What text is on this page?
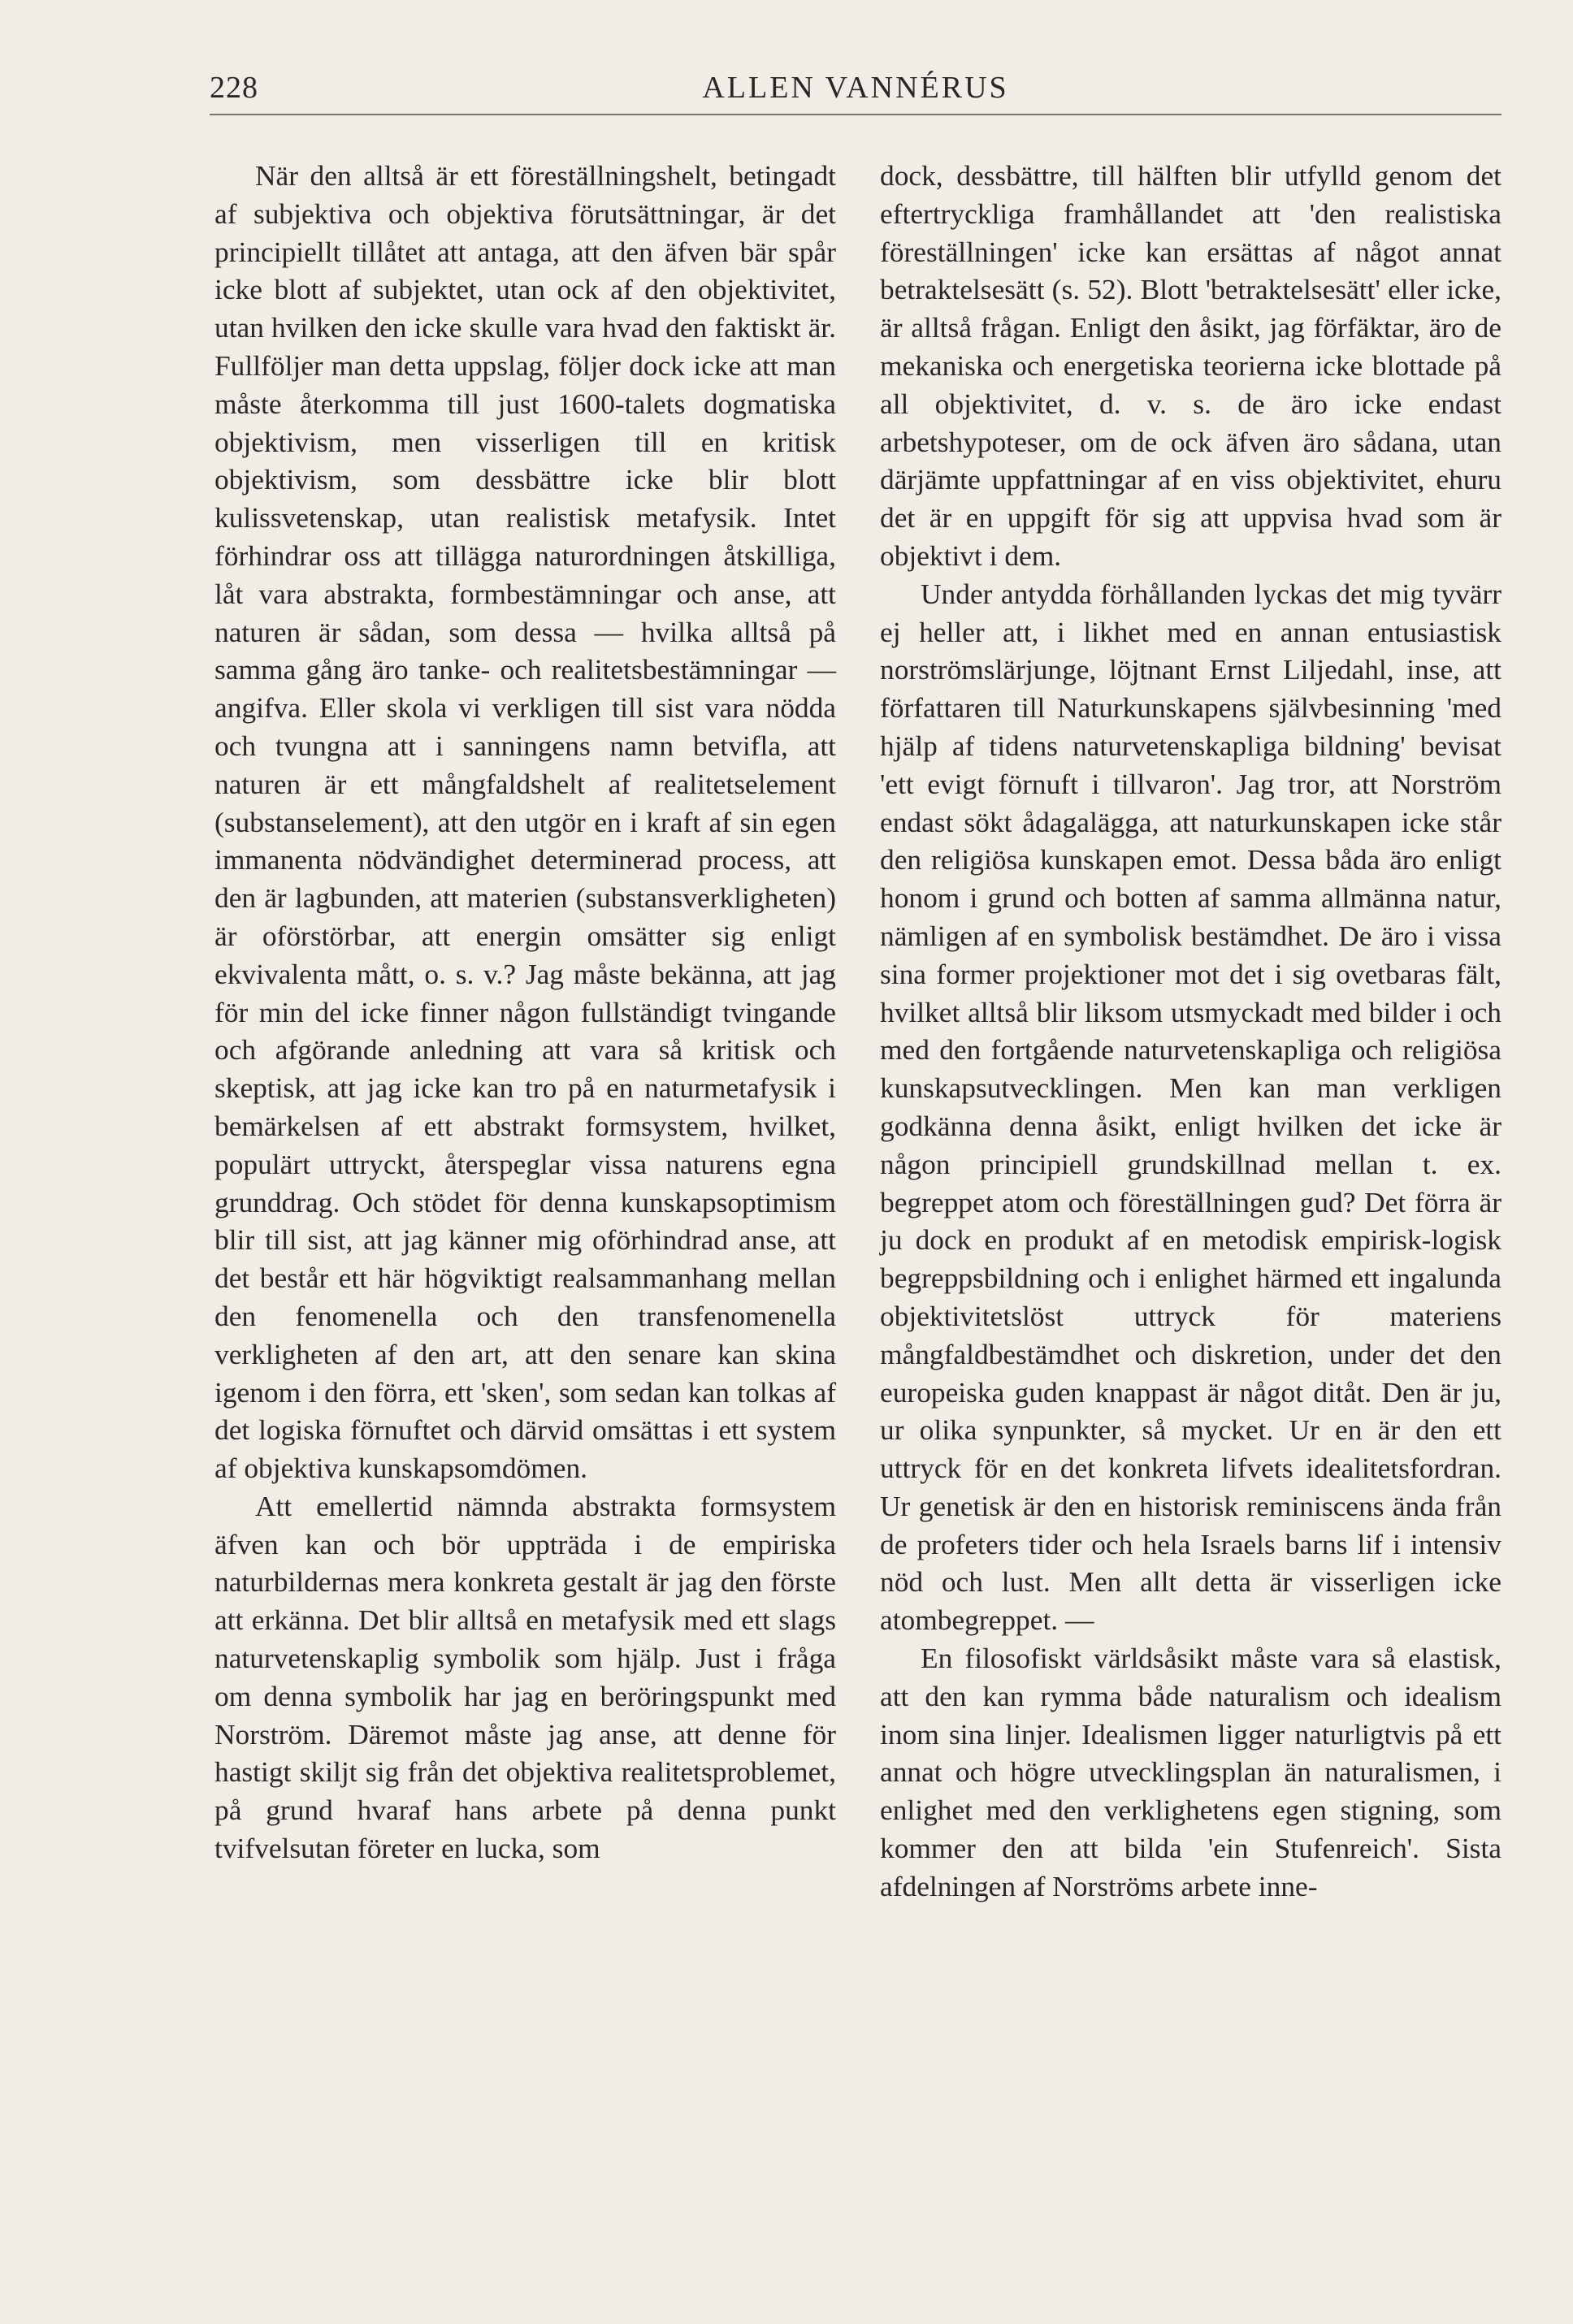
228	ALLEN VANNÉRUS

När den alltså är ett föreställningshelt, betingadt af subjektiva och objektiva förutsättningar, är det principiellt tillåtet att antaga, att den äfven bär spår icke blott af subjektet, utan ock af den objektivitet, utan hvilken den icke skulle vara hvad den faktiskt är. Fullföljer man detta uppslag, följer dock icke att man måste återkomma till just 1600-talets dogmatiska objektivism, men visserligen till en kritisk objektivism, som dessbättre icke blir blott kulissvetenskap, utan realistisk metafysik. Intet förhindrar oss att tillägga naturordningen åtskilliga, låt vara abstrakta, formbestämningar och anse, att naturen är sådan, som dessa — hvilka alltså på samma gång äro tanke- och realitetsbestämningar — angifva. Eller skola vi verkligen till sist vara nödda och tvungna att i sanningens namn betvifla, att naturen är ett mångfaldshelt af realitetselement (substanselement), att den utgör en i kraft af sin egen immanenta nödvändighet determinerad process, att den är lagbunden, att materien (substansverkligheten) är oförstörbar, att energin omsätter sig enligt ekvivalenta mått, o. s. v.? Jag måste bekänna, att jag för min del icke finner någon fullständigt tvingande och afgörande anledning att vara så kritisk och skeptisk, att jag icke kan tro på en naturmetafysik i bemärkelsen af ett abstrakt formsystem, hvilket, populärt uttryckt, återspeglar vissa naturens egna grunddrag. Och stödet för denna kunskapsoptimism blir till sist, att jag känner mig oförhindrad anse, att det består ett här högviktigt realsammanhang mellan den fenomenella och den transfenomenella verkligheten af den art, att den senare kan skina igenom i den förra, ett 'sken', som sedan kan tolkas af det logiska förnuftet och därvid omsättas i ett system af objektiva kunskapsomdömen.

Att emellertid nämnda abstrakta formsystem äfven kan och bör uppträda i de empiriska naturbildernas mera konkreta gestalt är jag den förste att erkänna. Det blir alltså en metafysik med ett slags naturvetenskaplig symbolik som hjälp. Just i fråga om denna symbolik har jag en beröringspunkt med Norström. Däremot måste jag anse, att denne för hastigt skiljt sig från det objektiva realitetsproblemet, på grund hvaraf hans arbete på denna punkt tvifvelsutan företer en lucka, som

dock, dessbättre, till hälften blir utfylld genom det eftertryckliga framhållandet att 'den realistiska föreställningen' icke kan ersättas af något annat betraktelsesätt (s. 52). Blott 'betraktelsesätt' eller icke, är alltså frågan. Enligt den åsikt, jag förfäktar, äro de mekaniska och energetiska teorierna icke blottade på all objektivitet, d. v. s. de äro icke endast arbetshypoteser, om de ock äfven äro sådana, utan därjämte uppfattningar af en viss objektivitet, ehuru det är en uppgift för sig att uppvisa hvad som är objektivt i dem.

Under antydda förhållanden lyckas det mig tyvärr ej heller att, i likhet med en annan entusiastisk norströmslärjunge, löjtnant Ernst Liljedahl, inse, att författaren till Naturkunskapens självbesinning 'med hjälp af tidens naturvetenskapliga bildning' bevisat 'ett evigt förnuft i tillvaron'. Jag tror, att Norström endast sökt ådagalägga, att naturkunskapen icke står den religiösa kunskapen emot. Dessa båda äro enligt honom i grund och botten af samma allmänna natur, nämligen af en symbolisk bestämdhet. De äro i vissa sina former projektioner mot det i sig ovetbaras fält, hvilket alltså blir liksom utsmyckadt med bilder i och med den fortgående naturvetenskapliga och religiösa kunskapsutvecklingen. Men kan man verkligen godkänna denna åsikt, enligt hvilken det icke är någon principiell grundskillnad mellan t. ex. begreppet atom och föreställningen gud? Det förra är ju dock en produkt af en metodisk empirisk-logisk begreppsbildning och i enlighet härmed ett ingalunda objektivitetslöst uttryck för materiens mångfaldbestämdhet och diskretion, under det den europeiska guden knappast är något ditåt. Den är ju, ur olika synpunkter, så mycket. Ur en är den ett uttryck för en det konkreta lifvets idealitetsfordran. Ur genetisk är den en historisk reminiscens ända från de profeters tider och hela Israels barns lif i intensiv nöd och lust. Men allt detta är visserligen icke atombegreppet. —

En filosofiskt världsåsikt måste vara så elastisk, att den kan rymma både naturalism och idealism inom sina linjer. Idealismen ligger naturligtvis på ett annat och högre utvecklingsplan än naturalismen, i enlighet med den verklighetens egen stigning, som kommer den att bilda 'ein Stufenreich'. Sista afdelningen af Norströms arbete inne-
